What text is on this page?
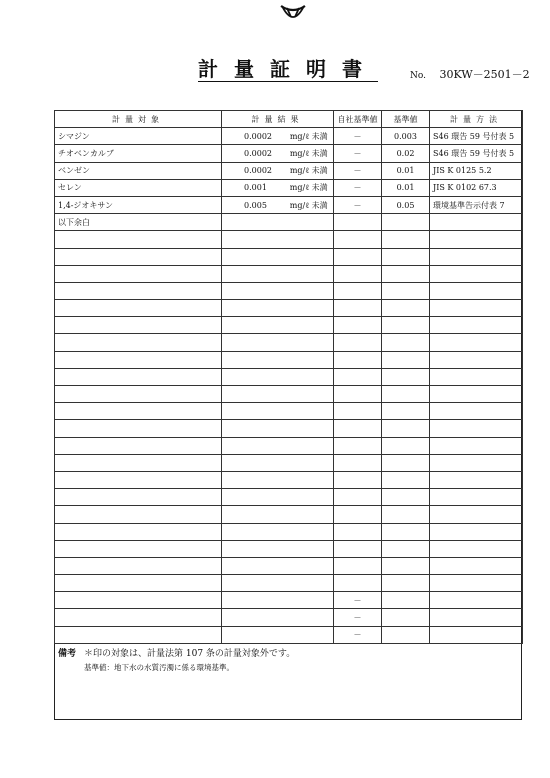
計量証明書	No. 30KW－2501－2
計量対象	計量結果	自社基準値	基準値	計量方法
シマジン	0.0002 mg/ℓ 未満	－	0.003	S46 環告 59 号付表 5
チオベンカルブ	0.0002 mg/ℓ 未満	－	0.02	S46 環告 59 号付表 5
ベンゼン	0.0002 mg/ℓ 未満	－	0.01	JIS K 0125 5.2
セレン	0.001 mg/ℓ 未満	－	0.01	JIS K 0102 67.3
1,4-ジオキサン	0.005 mg/ℓ 未満	－	0.05	環境基準告示付表 7
以下余白				

		－		
		－		
		－		
備考 ＊印の対象は、計量法第 107 条の計量対象外です。
基準値：地下水の水質汚濁に係る環境基準。
